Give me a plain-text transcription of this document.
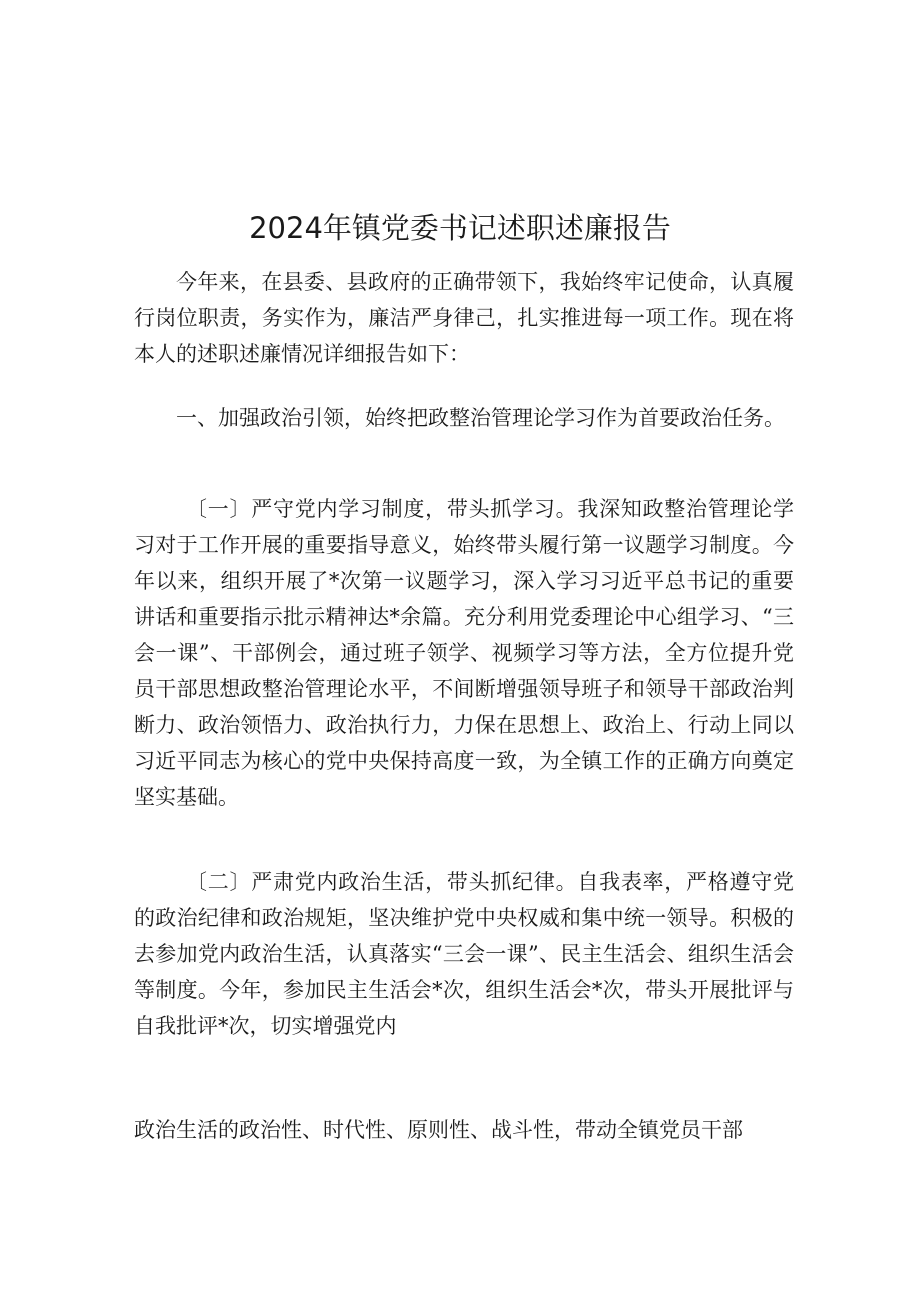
2024年镇党委书记述职述廉报告

今年来，在县委、县政府的正确带领下，我始终牢记使命，认真履行岗位职责，务实作为，廉洁严身律己，扎实推进每一项工作。现在将本人的述职述廉情况详细报告如下：

一、加强政治引领，始终把政整治管理论学习作为首要政治任务。

〔一〕严守党内学习制度，带头抓学习。我深知政整治管理论学习对于工作开展的重要指导意义，始终带头履行第一议题学习制度。今年以来，组织开展了*次第一议题学习，深入学习习近平总书记的重要讲话和重要指示批示精神达*余篇。充分利用党委理论中心组学习、“三会一课”、干部例会，通过班子领学、视频学习等方法，全方位提升党员干部思想政整治管理论水平，不间断增强领导班子和领导干部政治判断力、政治领悟力、政治执行力，力保在思想上、政治上、行动上同以习近平同志为核心的党中央保持高度一致，为全镇工作的正确方向奠定坚实基础。

〔二〕严肃党内政治生活，带头抓纪律。自我表率，严格遵守党的政治纪律和政治规矩，坚决维护党中央权威和集中统一领导。积极的去参加党内政治生活，认真落实“三会一课”、民主生活会、组织生活会等制度。今年，参加民主生活会*次，组织生活会*次，带头开展批评与自我批评*次，切实增强党内

政治生活的政治性、时代性、原则性、战斗性，带动全镇党员干部
